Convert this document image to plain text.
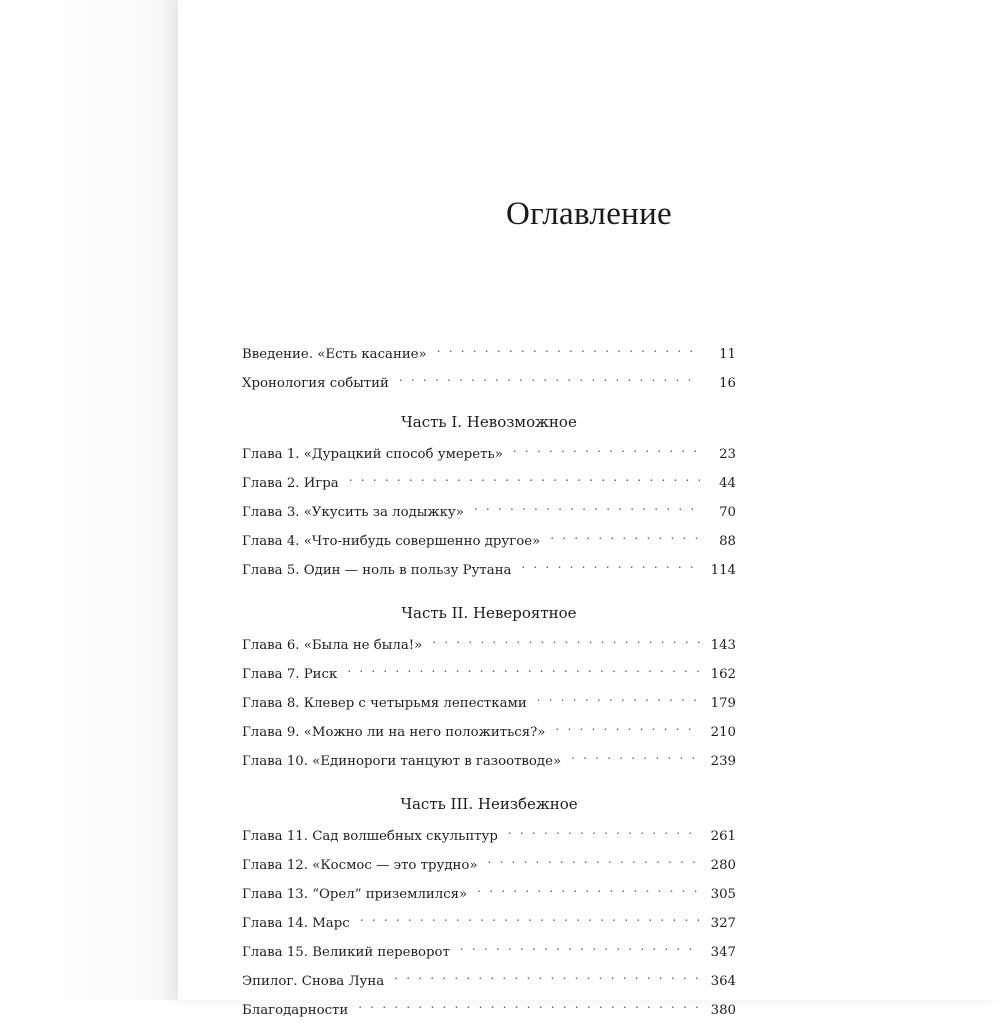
Оглавление
Введение. «Есть касание» . . .	11
Хронология событий . . .	16
Часть I. Невозможное
Глава 1. «Дурацкий способ умереть» . . .	23
Глава 2. Игра . . .	44
Глава 3. «Укусить за лодыжку» . . .	70
Глава 4. «Что-нибудь совершенно другое» . . .	88
Глава 5. Один — ноль в пользу Рутана . . .	114
Часть II. Невероятное
Глава 6. «Была не была!» . . .	143
Глава 7. Риск . . .	162
Глава 8. Клевер с четырьмя лепестками . . .	179
Глава 9. «Можно ли на него положиться?» . . .	210
Глава 10. «Единороги танцуют в газоотводе» . . .	239
Часть III. Неизбежное
Глава 11. Сад волшебных скульптур . . .	261
Глава 12. «Космос — это трудно» . . .	280
Глава 13. “Орел” приземлился» . . .	305
Глава 14. Марс . . .	327
Глава 15. Великий переворот . . .	347
Эпилог. Снова Луна . . .	364
Благодарности . . .	380
